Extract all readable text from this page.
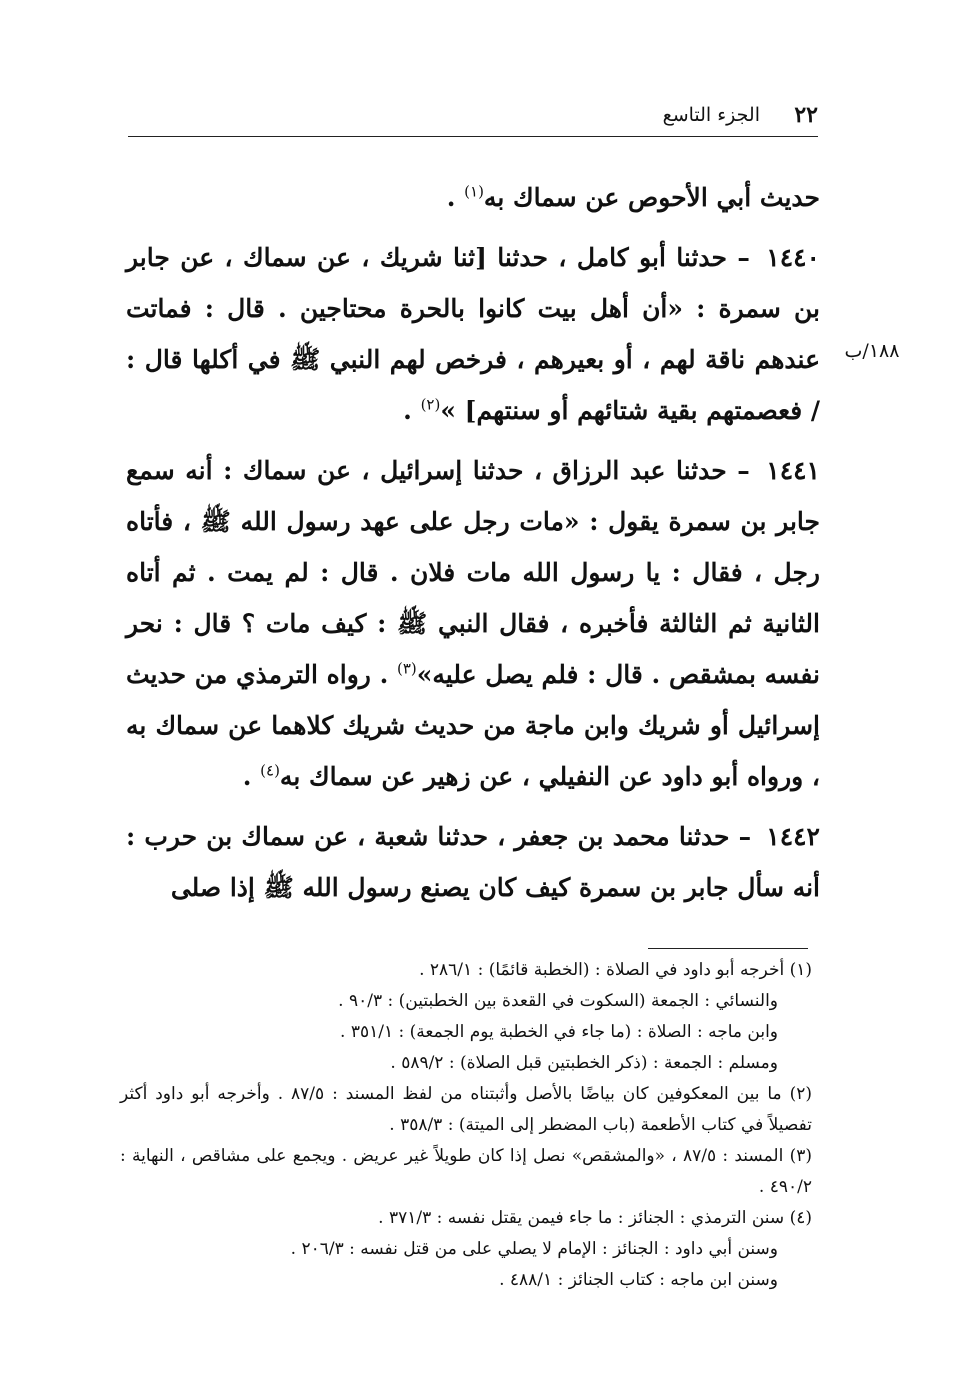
٢٢
الجزء التاسع
١٨٨/ب

حديث أبي الأحوص عن سماك به$^{(١)}$ .

١٤٤٠ – حدثنا أبو كامل ، حدثنا [ثنا شريك ، عن سماك ، عن جابر بن سمرة : «أن أهل بيت كانوا بالحرة محتاجين . قال : فماتت عندهم ناقة لهم ، أو بعيرهم ، فرخص لهم النبي ﷺ في أكلها قال : / فعصمتهم بقية شتائهم أو سنتهم] »$^{(٢)}$ .

١٤٤١ – حدثنا عبد الرزاق ، حدثنا إسرائيل ، عن سماك : أنه سمع جابر بن سمرة يقول : «مات رجل على عهد رسول الله ﷺ ، فأتاه رجل ، فقال : يا رسول الله مات فلان . قال : لم يمت . ثم أتاه الثانية ثم الثالثة فأخبره ، فقال النبي ﷺ : كيف مات ؟ قال : نحر نفسه بمشقص . قال : فلم يصل عليه»$^{(٣)}$ . رواه الترمذي من حديث إسرائيل أو شريك وابن ماجة من حديث شريك كلاهما عن سماك به ، ورواه أبو داود عن النفيلي ، عن زهير عن سماك به$^{(٤)}$ .

١٤٤٢ – حدثنا محمد بن جعفر ، حدثنا شعبة ، عن سماك بن حرب : أنه سأل جابر بن سمرة كيف كان يصنع رسول الله ﷺ إذا صلى

(١) أخرجه أبو داود في الصلاة : (الخطبة قائمًا) : ٢٨٦/١ .

والنسائي : الجمعة (السكوت في القعدة بين الخطبتين) : ٩٠/٣ .

وابن ماجه : الصلاة : (ما جاء في الخطبة يوم الجمعة) : ٣٥١/١ .

ومسلم : الجمعة : (ذكر الخطبتين قبل الصلاة) : ٥٨٩/٢ .

(٢) ما بين المعكوفين كان بياضًا بالأصل وأثبتناه من لفظ المسند : ٨٧/٥ . وأخرجه أبو داود أكثر تفصيلاً في كتاب الأطعمة (باب المضطر إلى الميتة) : ٣٥٨/٣ .

(٣) المسند : ٨٧/٥ ، «والمشقص» نصل إذا كان طويلاً غير عريض . ويجمع على مشاقص ، النهاية : ٤٩٠/٢ .

(٤) سنن الترمذي : الجنائز : ما جاء فيمن يقتل نفسه : ٣٧١/٣ .

وسنن أبي داود : الجنائز : الإمام لا يصلي على من قتل نفسه : ٢٠٦/٣ .

وسنن ابن ماجه : كتاب الجنائز : ٤٨٨/١ .
